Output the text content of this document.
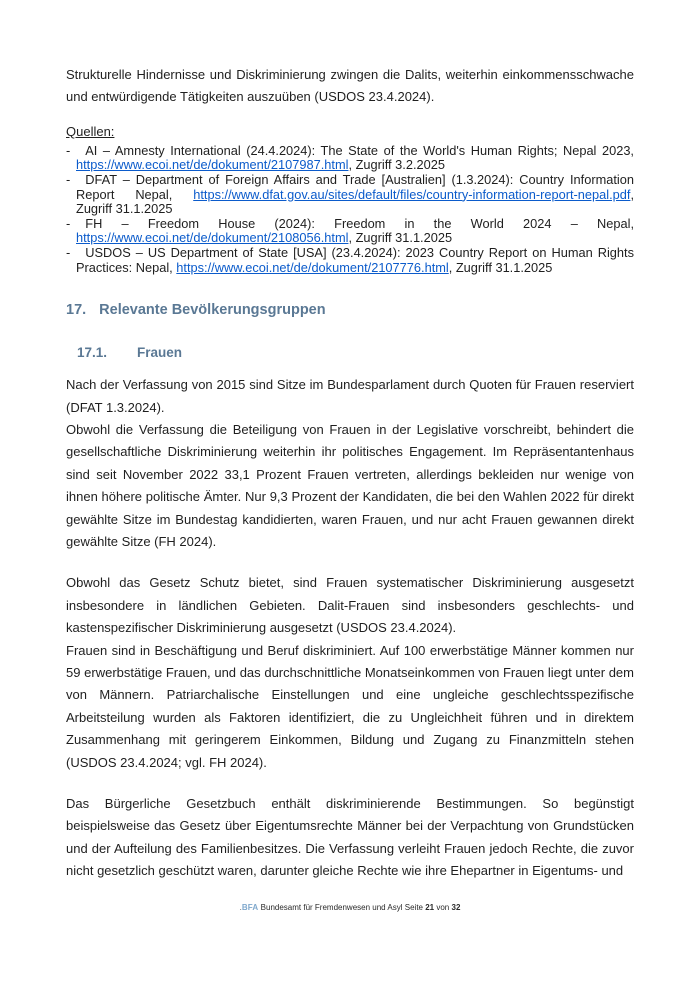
Strukturelle Hindernisse und Diskriminierung zwingen die Dalits, weiterhin einkommensschwache und entwürdigende Tätigkeiten auszuüben (USDOS 23.4.2024).

Quellen:
- AI – Amnesty International (24.4.2024): The State of the World's Human Rights; Nepal 2023, https://www.ecoi.net/de/dokument/2107987.html, Zugriff 3.2.2025
- DFAT – Department of Foreign Affairs and Trade [Australien] (1.3.2024): Country Information Report Nepal, https://www.dfat.gov.au/sites/default/files/country-information-report-nepal.pdf, Zugriff 31.1.2025
- FH – Freedom House (2024): Freedom in the World 2024 – Nepal, https://www.ecoi.net/de/dokument/2108056.html, Zugriff 31.1.2025
- USDOS – US Department of State [USA] (23.4.2024): 2023 Country Report on Human Rights Practices: Nepal, https://www.ecoi.net/de/dokument/2107776.html, Zugriff 31.1.2025
17. Relevante Bevölkerungsgruppen
17.1. Frauen

Nach der Verfassung von 2015 sind Sitze im Bundesparlament durch Quoten für Frauen reserviert (DFAT 1.3.2024).

Obwohl die Verfassung die Beteiligung von Frauen in der Legislative vorschreibt, behindert die gesellschaftliche Diskriminierung weiterhin ihr politisches Engagement. Im Repräsentantenhaus sind seit November 2022 33,1 Prozent Frauen vertreten, allerdings bekleiden nur wenige von ihnen höhere politische Ämter. Nur 9,3 Prozent der Kandidaten, die bei den Wahlen 2022 für direkt gewählte Sitze im Bundestag kandidierten, waren Frauen, und nur acht Frauen gewannen direkt gewählte Sitze (FH 2024).

Obwohl das Gesetz Schutz bietet, sind Frauen systematischer Diskriminierung ausgesetzt insbesondere in ländlichen Gebieten. Dalit-Frauen sind insbesonders geschlechts- und kastenspezifischer Diskriminierung ausgesetzt (USDOS 23.4.2024).

Frauen sind in Beschäftigung und Beruf diskriminiert. Auf 100 erwerbstätige Männer kommen nur 59 erwerbstätige Frauen, und das durchschnittliche Monatseinkommen von Frauen liegt unter dem von Männern. Patriarchalische Einstellungen und eine ungleiche geschlechtsspezifische Arbeitsteilung wurden als Faktoren identifiziert, die zu Ungleichheit führen und in direktem Zusammenhang mit geringerem Einkommen, Bildung und Zugang zu Finanzmitteln stehen (USDOS 23.4.2024; vgl. FH 2024).

Das Bürgerliche Gesetzbuch enthält diskriminierende Bestimmungen. So begünstigt beispielsweise das Gesetz über Eigentumsrechte Männer bei der Verpachtung von Grundstücken und der Aufteilung des Familienbesitzes. Die Verfassung verleiht Frauen jedoch Rechte, die zuvor nicht gesetzlich geschützt waren, darunter gleiche Rechte wie ihre Ehepartner in Eigentums- und

.BFA Bundesamt für Fremdenwesen und Asyl Seite 21 von 32
